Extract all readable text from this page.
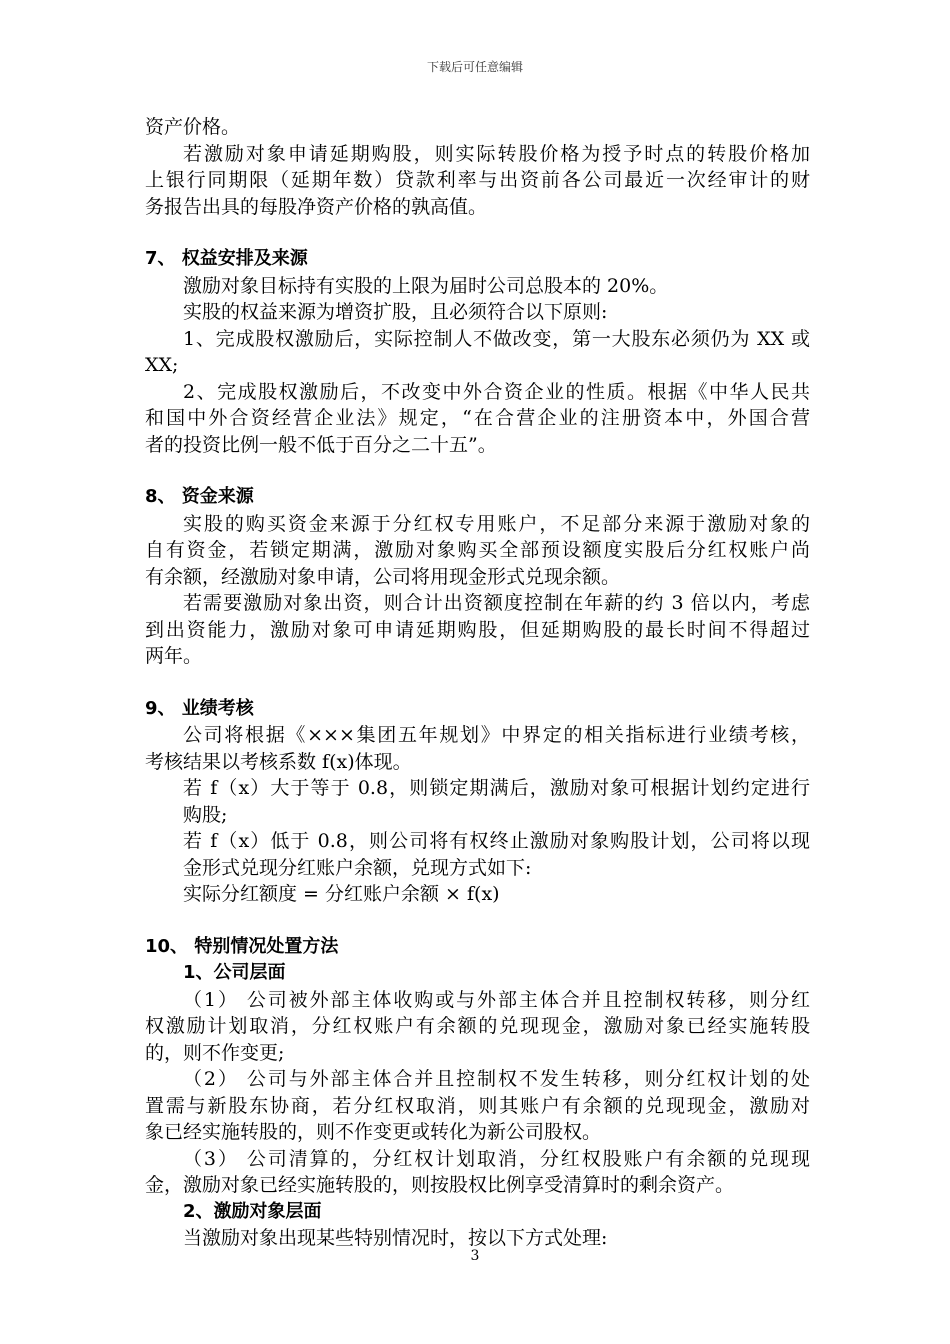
下载后可任意编辑
资产价格。
若激励对象申请延期购股，则实际转股价格为授予时点的转股价格加
上银行同期限（延期年数）贷款利率与出资前各公司最近一次经审计的财
务报告出具的每股净资产价格的孰高值。
7、 权益安排及来源
激励对象目标持有实股的上限为届时公司总股本的 20%。
实股的权益来源为增资扩股，且必须符合以下原则:
1、完成股权激励后，实际控制人不做改变，第一大股东必须仍为 XX 或
XX;
2、完成股权激励后，不改变中外合资企业的性质。根据《中华人民共
和国中外合资经营企业法》规定，“在合营企业的注册资本中，外国合营
者的投资比例一般不低于百分之二十五”。
8、 资金来源
实股的购买资金来源于分红权专用账户，不足部分来源于激励对象的
自有资金，若锁定期满，激励对象购买全部预设额度实股后分红权账户尚
有余额，经激励对象申请，公司将用现金形式兑现余额。
若需要激励对象出资，则合计出资额度控制在年薪的约 3 倍以内，考虑
到出资能力，激励对象可申请延期购股，但延期购股的最长时间不得超过
两年。
9、 业绩考核
公司将根据《×××集团五年规划》中界定的相关指标进行业绩考核，
考核结果以考核系数 f(x)体现。
若 f（x）大于等于 0.8，则锁定期满后，激励对象可根据计划约定进行
购股;
若 f（x）低于 0.8，则公司将有权终止激励对象购股计划，公司将以现
金形式兑现分红账户余额，兑现方式如下:
实际分红额度 = 分红账户余额 × f(x)
10、 特别情况处置方法
1、公司层面
（1） 公司被外部主体收购或与外部主体合并且控制权转移，则分红
权激励计划取消，分红权账户有余额的兑现现金，激励对象已经实施转股
的，则不作变更;
（2） 公司与外部主体合并且控制权不发生转移，则分红权计划的处
置需与新股东协商，若分红权取消，则其账户有余额的兑现现金，激励对
象已经实施转股的，则不作变更或转化为新公司股权。
（3） 公司清算的，分红权计划取消，分红权股账户有余额的兑现现
金，激励对象已经实施转股的，则按股权比例享受清算时的剩余资产。
2、激励对象层面
当激励对象出现某些特别情况时，按以下方式处理:
3
